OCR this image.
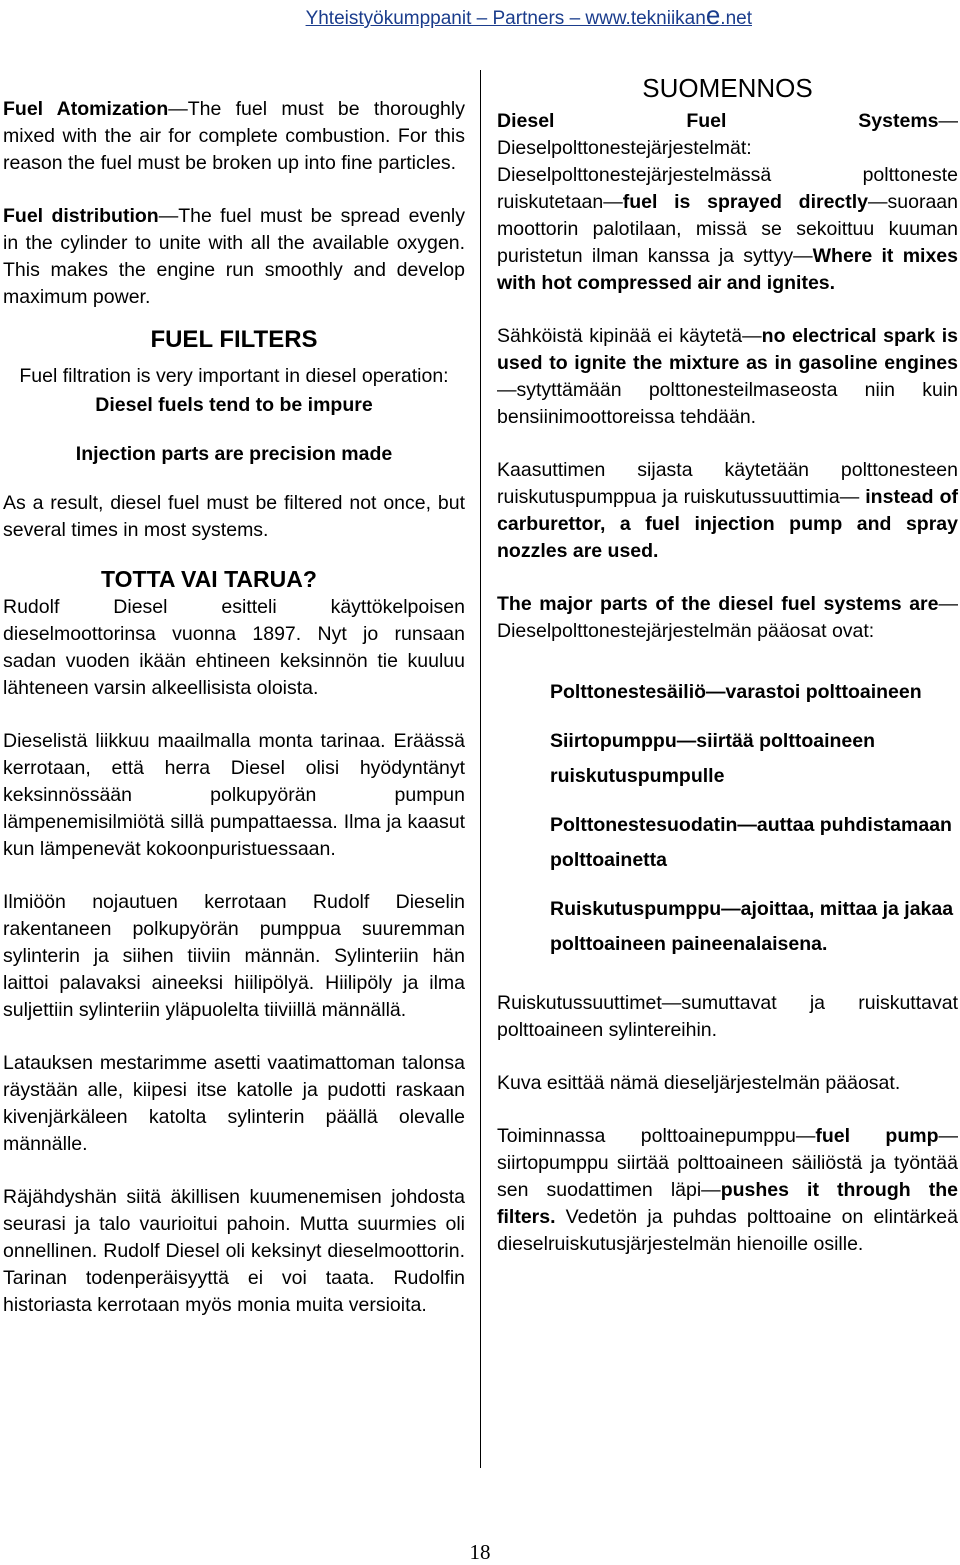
Yhteistyökumppanit – Partners – www.tekniikane.net

Fuel Atomization—The fuel must be thoroughly mixed with the air for complete combustion. For this reason the fuel must be broken up into fine particles.

Fuel distribution—The fuel must be spread evenly in the cylinder to unite with all the available oxygen. This makes the engine run smoothly and develop maximum power.

FUEL FILTERS

Fuel filtration is very important in diesel operation:

Diesel fuels tend to be impure

Injection parts are precision made

As a result, diesel fuel must be filtered not once, but several times in most systems.

TOTTA VAI TARUA?

Rudolf Diesel esitteli käyttökelpoisen dieselmoottorinsa vuonna 1897. Nyt jo runsaan sadan vuoden ikään ehtineen keksinnön tie kuuluu lähteneen varsin alkeellisista oloista.

Dieselistä liikkuu maailmalla monta tarinaa. Eräässä kerrotaan, että herra Diesel olisi hyödyntänyt keksinnössään polkupyörän pumpun lämpenemisilmiötä sillä pumpattaessa. Ilma ja kaasut kun lämpenevät kokoonpuristuessaan.

Ilmiöön nojautuen kerrotaan Rudolf Dieselin rakentaneen polkupyörän pumppua suuremman sylinterin ja siihen tiiviin männän. Sylinteriin hän laittoi palavaksi aineeksi hiilipölyä. Hiilipöly ja ilma suljettiin sylinteriin yläpuolelta tiiviillä männällä.

Latauksen mestarimme asetti vaatimattoman talonsa räystään alle, kiipesi itse katolle ja pudotti raskaan kivenjärkäleen katolta sylinterin päällä olevalle männälle.

Räjähdyshän siitä äkillisen kuumenemisen johdosta seurasi ja talo vaurioitui pahoin. Mutta suurmies oli onnellinen. Rudolf Diesel oli keksinyt dieselmoottorin. Tarinan todenperäisyyttä ei voi taata. Rudolfin historiasta kerrotaan myös monia muita versioita.

SUOMENNOS

Diesel Fuel Systems—Dieselpolttonestejärjestelmät: Dieselpolttonestejärjestelmässä polttoneste ruiskutetaan—fuel is sprayed directly—suoraan moottorin palotilaan, missä se sekoittuu kuuman puristetun ilman kanssa ja syttyy—Where it mixes with hot compressed air and ignites.

Sähköistä kipinää ei käytetä—no electrical spark is used to ignite the mixture as in gasoline engines—sytyttämään polttonesteilmaseosta niin kuin bensiinimoottoreissa tehdään.

Kaasuttimen sijasta käytetään polttonesteen ruiskutuspumppua ja ruiskutussuuttimia— instead of carburettor, a fuel injection pump and spray nozzles are used.

The major parts of the diesel fuel systems are—Dieselpolttonestejärjestelmän pääosat ovat:

Polttonestesäiliö—varastoi polttoaineen
Siirtopumppu—siirtää polttoaineen ruiskutuspumpulle
Polttonestesuodatin—auttaa puhdistamaan polttoainetta
Ruiskutuspumppu—ajoittaa, mittaa ja jakaa polttoaineen paineenalaisena.

Ruiskutussuuttimet—sumuttavat ja ruiskuttavat polttoaineen sylintereihin.

Kuva esittää nämä dieseljärjestelmän pääosat.

Toiminnassa polttoainepumppu—fuel pump—siirtopumppu siirtää polttoaineen säiliöstä ja työntää sen suodattimen läpi—pushes it through the filters. Vedetön ja puhdas polttoaine on elintärkeä dieselruiskutusjärjestelmän hienoille osille.

18
